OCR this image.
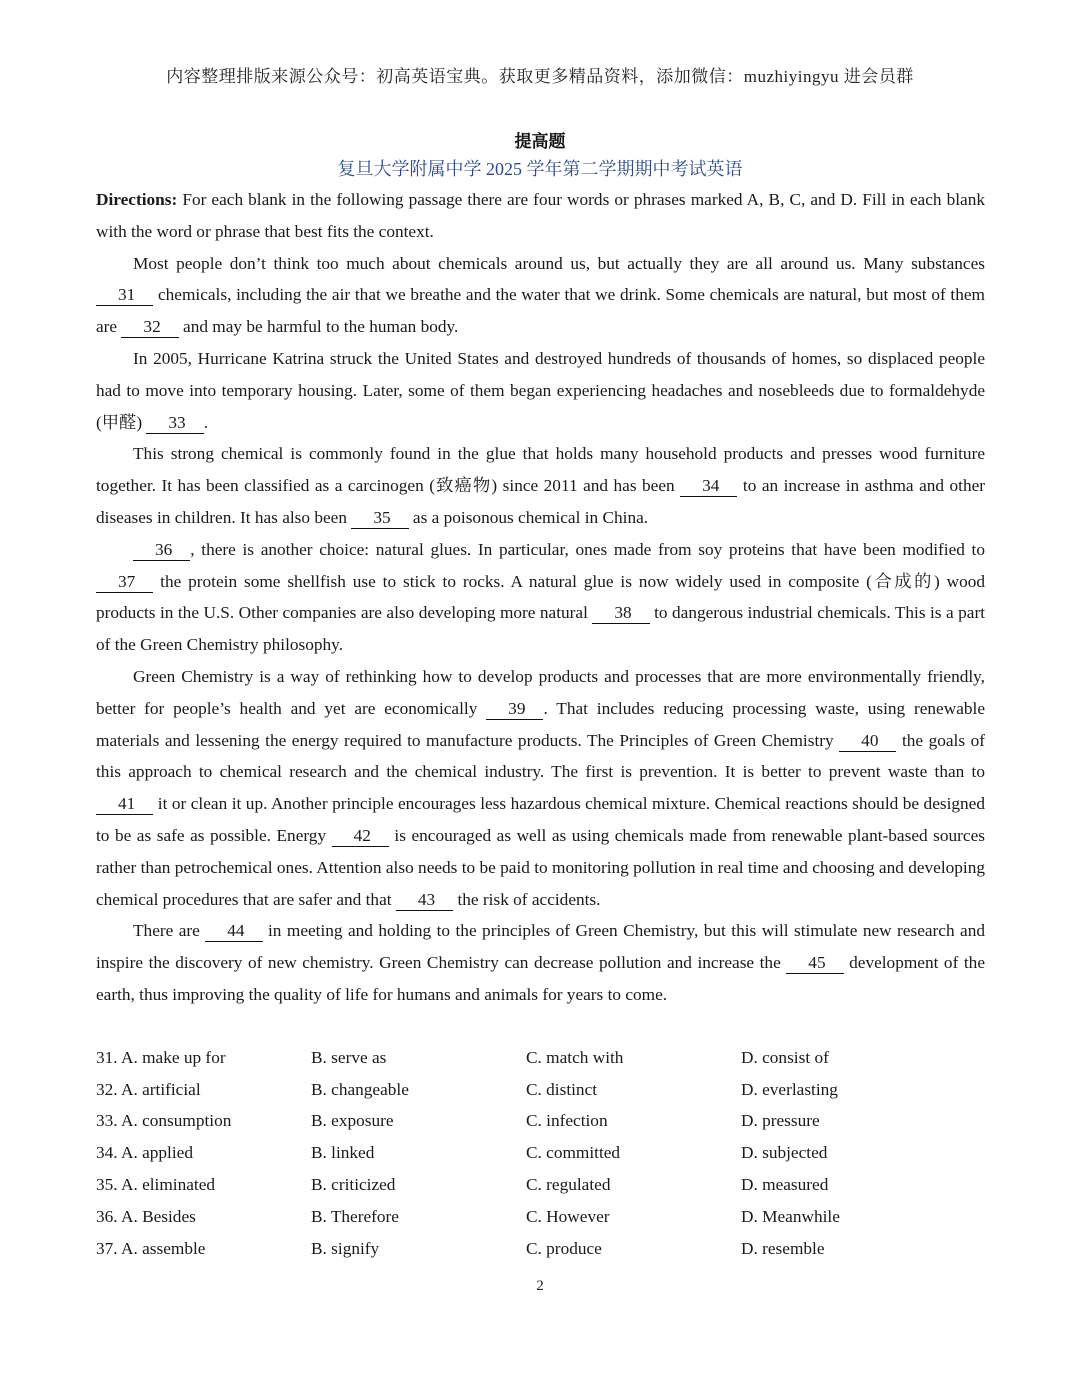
内容整理排版来源公众号：初高英语宝典。获取更多精品资料，添加微信：muzhiyingyu 进会员群
提高题
复旦大学附属中学 2025 学年第二学期期中考试英语

Directions: For each blank in the following passage there are four words or phrases marked A, B, C, and D. Fill in each blank with the word or phrase that best fits the context.

Most people don’t think too much about chemicals around us, but actually they are all around us. Many substances 31 chemicals, including the air that we breathe and the water that we drink. Some chemicals are natural, but most of them are 32 and may be harmful to the human body.

In 2005, Hurricane Katrina struck the United States and destroyed hundreds of thousands of homes, so displaced people had to move into temporary housing. Later, some of them began experiencing headaches and nosebleeds due to formaldehyde (甲醛) 33 .

This strong chemical is commonly found in the glue that holds many household products and presses wood furniture together. It has been classified as a carcinogen (致癌物) since 2011 and has been 34 to an increase in asthma and other diseases in children. It has also been 35 as a poisonous chemical in China.

36 , there is another choice: natural glues. In particular, ones made from soy proteins that have been modified to 37 the protein some shellfish use to stick to rocks. A natural glue is now widely used in composite (合成的) wood products in the U.S. Other companies are also developing more natural 38 to dangerous industrial chemicals. This is a part of the Green Chemistry philosophy.

Green Chemistry is a way of rethinking how to develop products and processes that are more environmentally friendly, better for people’s health and yet are economically 39 . That includes reducing processing waste, using renewable materials and lessening the energy required to manufacture products. The Principles of Green Chemistry 40 the goals of this approach to chemical research and the chemical industry. The first is prevention. It is better to prevent waste than to 41 it or clean it up. Another principle encourages less hazardous chemical mixture. Chemical reactions should be designed to be as safe as possible. Energy 42 is encouraged as well as using chemicals made from renewable plant-based sources rather than petrochemical ones. Attention also needs to be paid to monitoring pollution in real time and choosing and developing chemical procedures that are safer and that 43 the risk of accidents.

There are 44 in meeting and holding to the principles of Green Chemistry, but this will stimulate new research and inspire the discovery of new chemistry. Green Chemistry can decrease pollution and increase the 45 development of the earth, thus improving the quality of life for humans and animals for years to come.

31. A. make up for	B. serve as	C. match with	D. consist of
32. A. artificial	B. changeable	C. distinct	D. everlasting
33. A. consumption	B. exposure	C. infection	D. pressure
34. A. applied	B. linked	C. committed	D. subjected
35. A. eliminated	B. criticized	C. regulated	D. measured
36. A. Besides	B. Therefore	C. However	D. Meanwhile
37. A. assemble	B. signify	C. produce	D. resemble
2
